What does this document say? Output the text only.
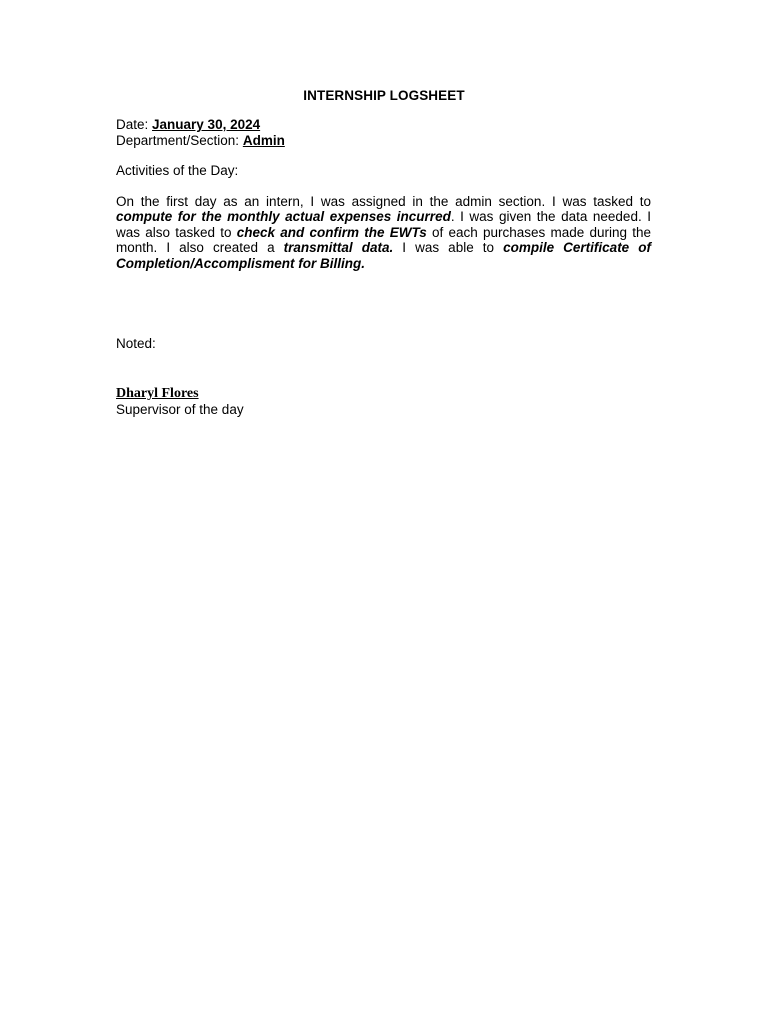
INTERNSHIP LOGSHEET
Date: January 30, 2024
Department/Section: Admin
Activities of the Day:
On the first day as an intern, I was assigned in the admin section. I was tasked to compute for the monthly actual expenses incurred. I was given the data needed. I was also tasked to check and confirm the EWTs of each purchases made during the month. I also created a transmittal data. I was able to compile Certificate of Completion/Accomplisment for Billing.
Noted:
Dharyl Flores
Supervisor of the day
